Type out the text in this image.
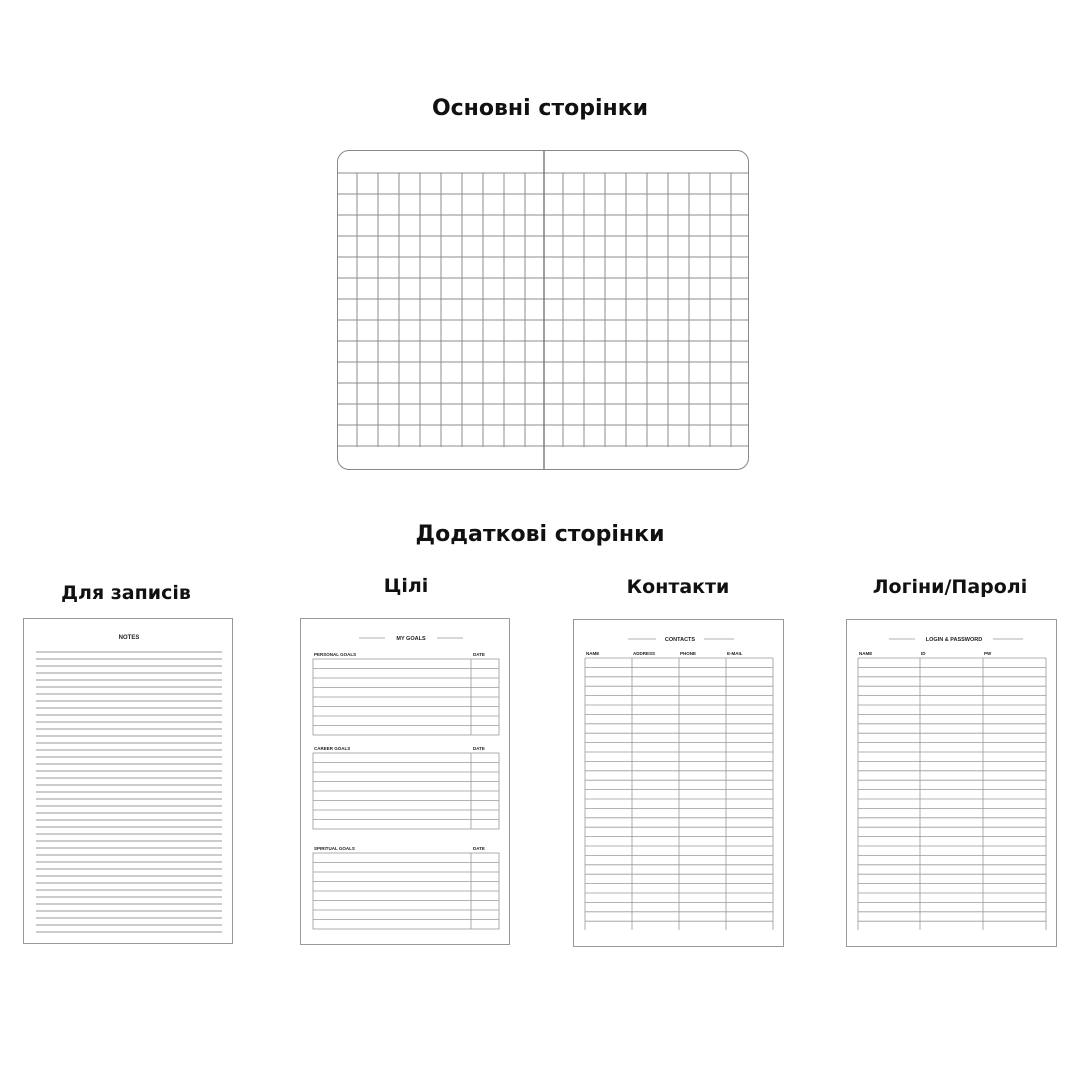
Основні сторінки
Додаткові сторінки
Для записів	Цілі	Контакти	Логіни/Паролі
NOTES	MY GOALS
PERSONAL GOALS	DATE
CAREER GOALS	DATE
SPIRITUAL GOALS	DATE
CONTACTS
NAME	ADDRESS	PHONE	E-MAIL
LOGIN & PASSWORD
NAME	ID	PW
